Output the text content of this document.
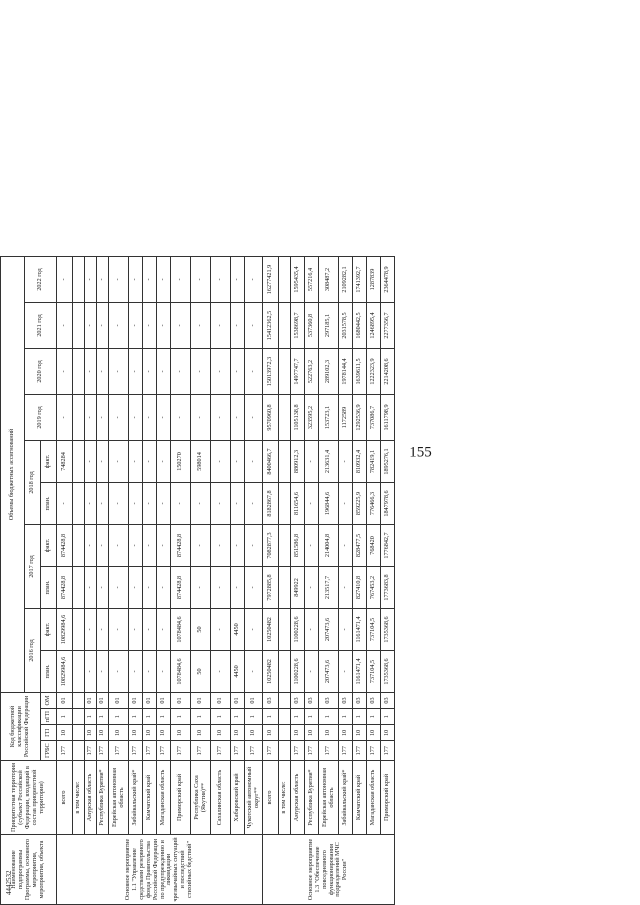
4442532
155
Наименование подпрограммы Программы, основного мероприятия, мероприятия, объекта	Приоритетная территория (субъект Российской Федерации, входящий в состав приоритетной территории)	Код бюджетной классификации Российской Федерации				Объемы бюджетных ассигнований									
						2016 год		2017 год		2018 год		2019 год	2020 год	2021 год	2022 год
		ГРБС	ГП	пГП	ОМ	план.	факт.	план.	факт.	план.	факт.				
Основное мероприятие 1.1 "Управление средствами резервного фонда Правительства Российской Федерации по предупреждению и ликвидации чрезвычайных ситуаций и последствий стихийных бедствий"	всего	177	10	1	01	10829984,6	10829984,6	874428,8	874428,8	-	748284	-	-	-	-
	в том числе:														
	Амурская область	177	10	1	01	-	-	-	-	-	-	-	-	-	-
	Республика Бурятия*	177	10	1	01	-	-	-	-	-	-	-	-	-	-
	Еврейская автономная область	177	10	1	01	-	-	-	-	-	-	-	-	-	-
	Забайкальский край*	177	10	1	01	-	-	-	-	-	-	-	-	-	-
	Камчатский край	177	10	1	01	-	-	-	-	-	-	-	-	-	-
	Магаданская область	177	10	1	01	-	-	-	-	-	-	-	-	-	-
	Приморский край	177	10	1	01	1078484,6	1078484,6	874428,8	874428,8	-	150270	-	-	-	-
	Республика Саха (Якутия)**	177	10	1	01	50	50	-	-	-	598014	-	-	-	-
	Сахалинская область	177	10	1	01	-	-	-	-	-	-	-	-	-	-
	Хабаровский край	177	10	1	01	4450	4450	-	-	-	-	-	-	-	-
	Чукотский автономный округ**	177	10	1	01	-	-	-	-	-	-	-	-	-	-
Основное мероприятие 1.3 "Обеспечение повседневного функционирования подразделений МЧС России"	всего	177	10	1	03	10250482	10250482	7972885,8	7082877,3	8182867,8	8400466,7	9570960,8	15013972,3	15412362,5	16277421,9
	в том числе:														
	Амурская область	177	10	1	03	1100228,6	1100228,6	849922	851586,8	811654,6	880912,3	1105138,8	1497747,7	1538698,7	1595435,4
	Республика Бурятия*	177	10	1	03	-	-	-	-	-	-	323595,2	522763,2	537360,8	557216,4
	Еврейская автономная область	177	10	1	03	207473,6	207473,6	213517,7	214004,8	196844,6	213631,4	153723,1	289102,3	297185,1	308487,2
	Забайкальский край*	177	10	1	03	-	-	-	-	-	-	1172589	1978144,4	2031578,5	2109282,1
	Камчатский край	177	10	1	03	1161471,4	1161471,4	827410,8	828477,5	859225,9	810932,4	1292536,9	1639611,5	1680442,5	1741392,7
	Магаданская область	177	10	1	03	737104,5	737104,5	767453,2	768420	776466,3	782419,1	737086,7	1222323,9	1246895,4	1287839
	Приморский край	177	10	1	03	1735368,6	1735368,6	1773683,8	1776842,7	1847978,6	1895276,1	1611798,9	2214208,6	2277356,7	2364478,9
